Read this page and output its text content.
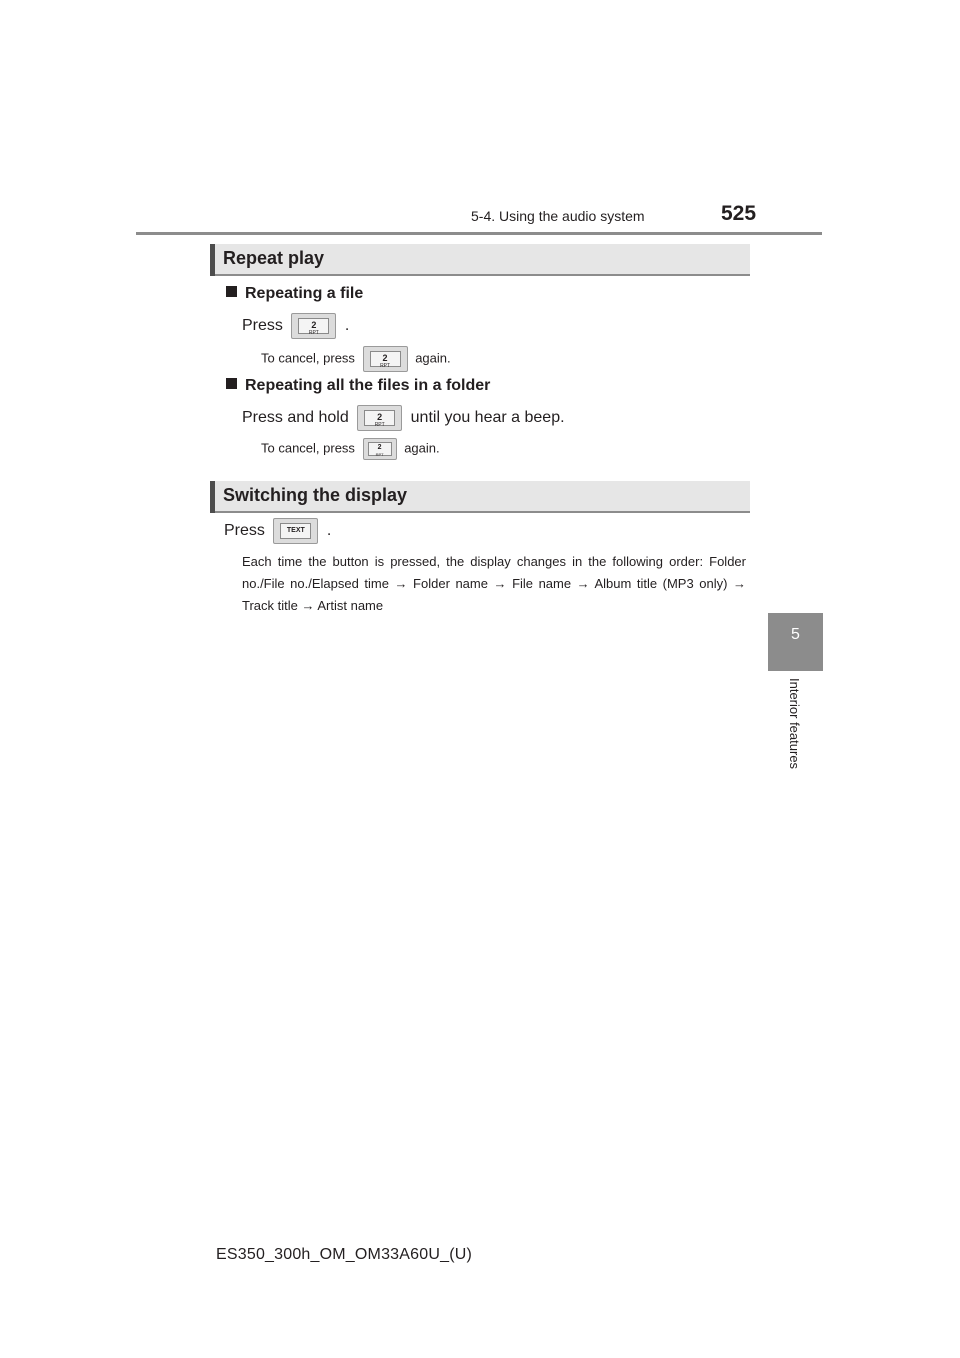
5-4. Using the audio system	525
5
Interior features
Repeat play
Repeating a file
Press	2
RPT	.
To cancel, press	2
RPT
again.
Repeating all the files in a folder
Press and hold	2
RPT	until you hear a beep.
To cancel, press	2
RPT	again.
Switching the display
Press	TEXT	.
Each time the button is pressed, the display changes in the following order: Folder no./File no./Elapsed time → Folder name → File name → Album title (MP3 only) → Track title → Artist name
ES350_300h_OM_OM33A60U_(U)
